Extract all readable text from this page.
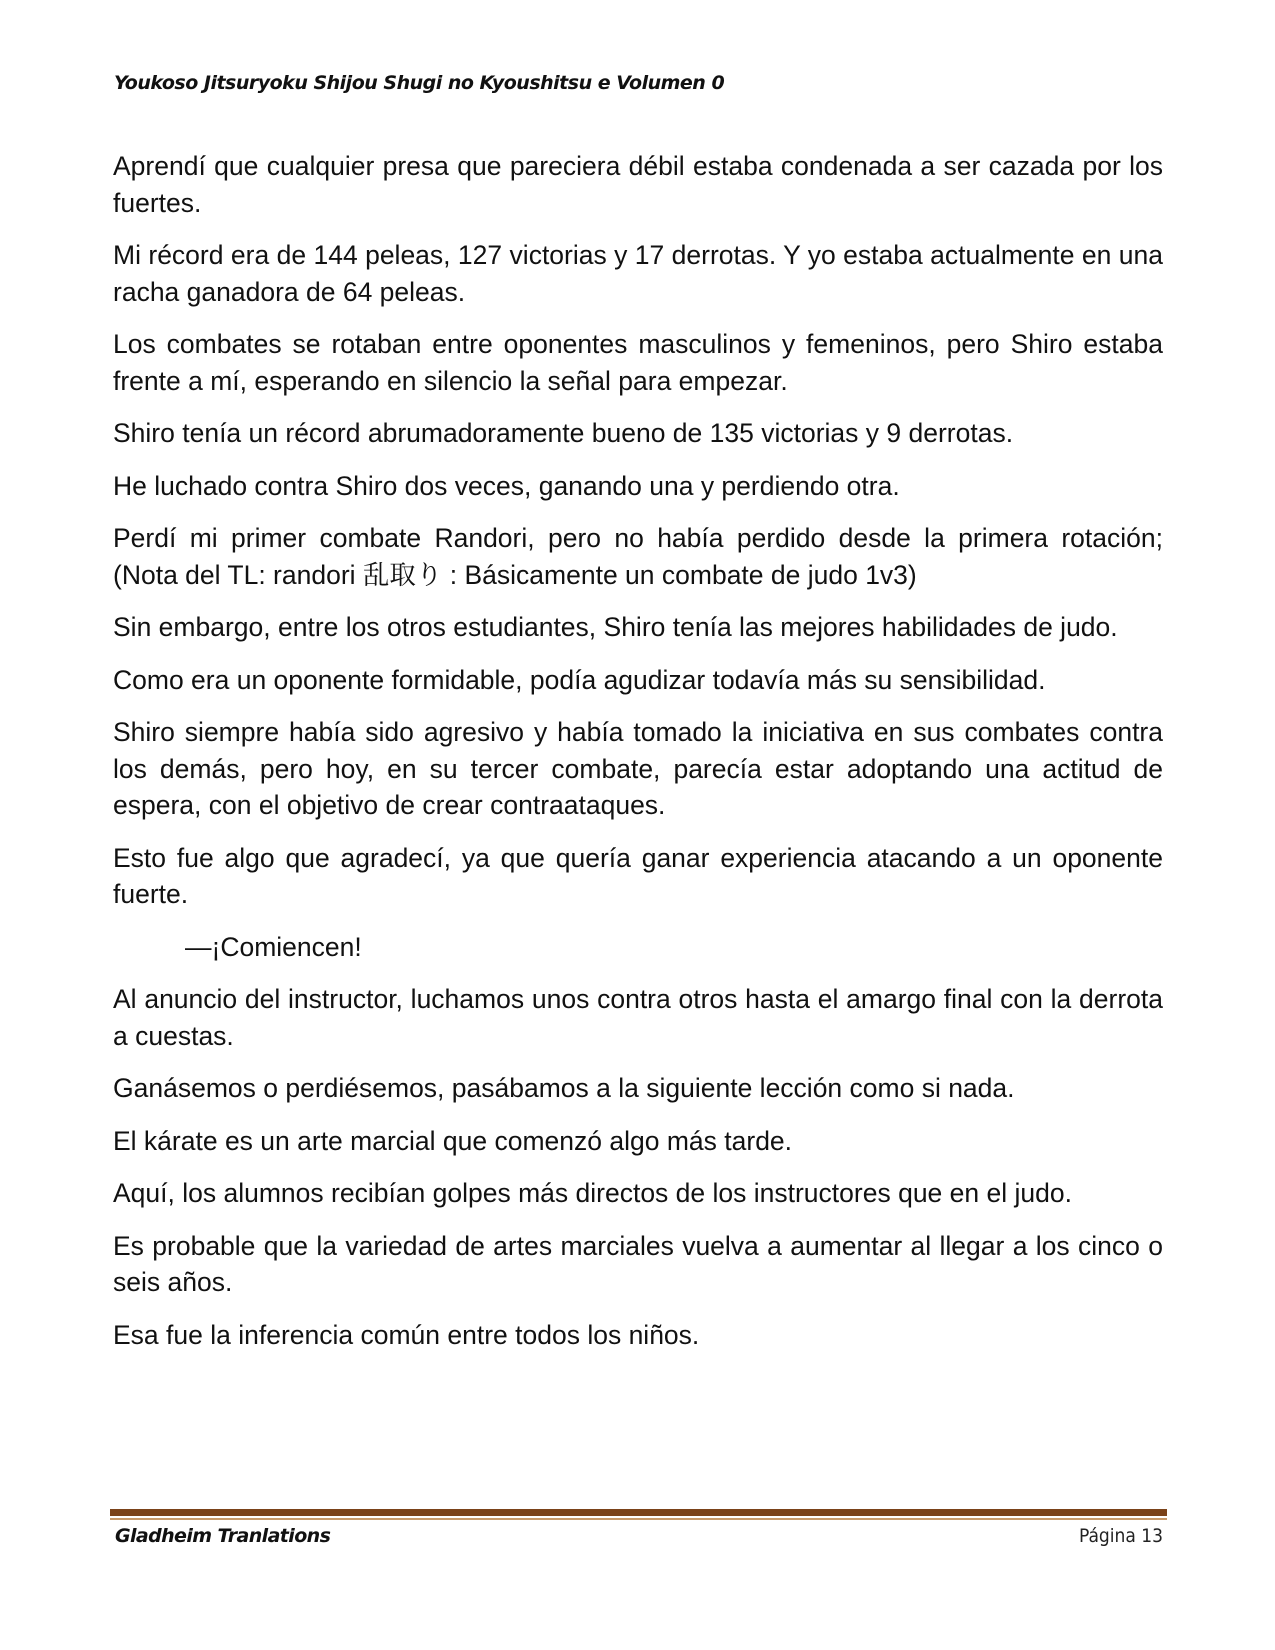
Youkoso Jitsuryoku Shijou Shugi no Kyoushitsu e Volumen 0

Aprendí que cualquier presa que pareciera débil estaba condenada a ser cazada por los fuertes.

Mi récord era de 144 peleas, 127 victorias y 17 derrotas. Y yo estaba actualmente en una racha ganadora de 64 peleas.

Los combates se rotaban entre oponentes masculinos y femeninos, pero Shiro estaba frente a mí, esperando en silencio la señal para empezar.

Shiro tenía un récord abrumadoramente bueno de 135 victorias y 9 derrotas.

He luchado contra Shiro dos veces, ganando una y perdiendo otra.

Perdí mi primer combate Randori, pero no había perdido desde la primera rotación; (Nota del TL: randori 乱取り : Básicamente un combate de judo 1v3)

Sin embargo, entre los otros estudiantes, Shiro tenía las mejores habilidades de judo.

Como era un oponente formidable, podía agudizar todavía más su sensibilidad.

Shiro siempre había sido agresivo y había tomado la iniciativa en sus combates contra los demás, pero hoy, en su tercer combate, parecía estar adoptando una actitud de espera, con el objetivo de crear contraataques.

Esto fue algo que agradecí, ya que quería ganar experiencia atacando a un oponente fuerte.

—¡Comiencen!

Al anuncio del instructor, luchamos unos contra otros hasta el amargo final con la derrota a cuestas.

Ganásemos o perdiésemos, pasábamos a la siguiente lección como si nada.

El kárate es un arte marcial que comenzó algo más tarde.

Aquí, los alumnos recibían golpes más directos de los instructores que en el judo.

Es probable que la variedad de artes marciales vuelva a aumentar al llegar a los cinco o seis años.

Esa fue la inferencia común entre todos los niños.

Gladheim Tranlations	Página 13
